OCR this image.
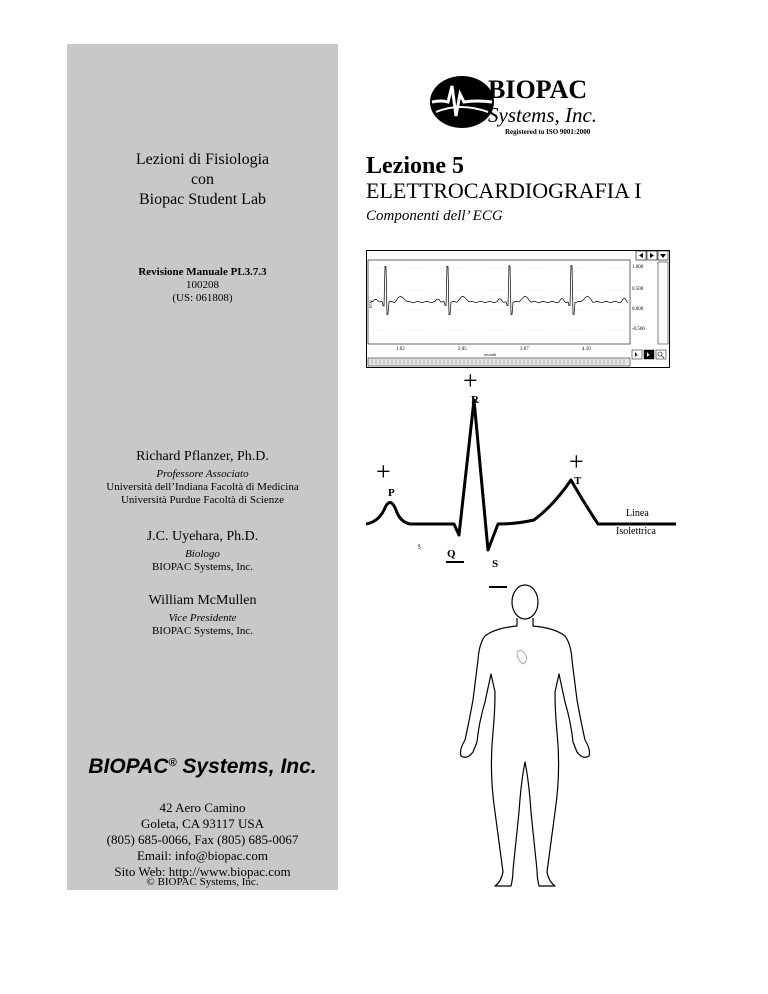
Lezioni di Fisiologia
con
Biopac Student Lab
Revisione Manuale PL3.7.3
100208
(US: 061808)
Richard Pflanzer, Ph.D.
Professore Associato
Università dell’Indiana Facoltà di Medicina
Università Purdue Facoltà di Scienze
J.C. Uyehara, Ph.D.
Biologo
BIOPAC Systems, Inc.
William McMullen
Vice Presidente
BIOPAC Systems, Inc.
BIOPAC® Systems, Inc.
42 Aero Camino
Goleta, CA 93117 USA
(805) 685-0066, Fax (805) 685-0067
Email: info@biopac.com
Sito Web: http://www.biopac.com
© BIOPAC Systems, Inc.
BIOPAC
Systems, Inc.
Registered to ISO 9001:2000
Lezione 5
ELETTROCARDIOGRAFIA I
Componenti dell’ ECG
ECG
1.000
0.500
0.000
-0.500
mV
1.02	2.05	3.07	4.10
secondi
+
R
+
T
+
P
Q
S
Linea
Isolettrica
